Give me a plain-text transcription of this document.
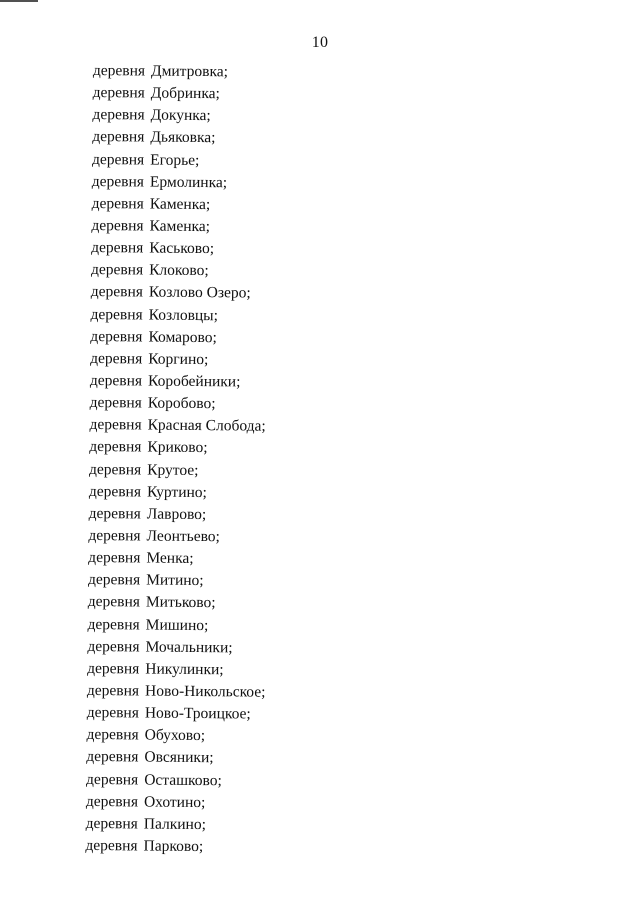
10
деревня Дмитровка;
деревня Добринка;
деревня Докунка;
деревня Дьяковка;
деревня Егорье;
деревня Ермолинка;
деревня Каменка;
деревня Каменка;
деревня Каськово;
деревня Клоково;
деревня Козлово Озеро;
деревня Козловцы;
деревня Комарово;
деревня Коргино;
деревня Коробейники;
деревня Коробово;
деревня Красная Слобода;
деревня Криково;
деревня Крутое;
деревня Куртино;
деревня Лаврово;
деревня Леонтьево;
деревня Менка;
деревня Митино;
деревня Митьково;
деревня Мишино;
деревня Мочальники;
деревня Никулинки;
деревня Ново-Никольское;
деревня Ново-Троицкое;
деревня Обухово;
деревня Овсяники;
деревня Осташково;
деревня Охотино;
деревня Палкино;
деревня Парково;
